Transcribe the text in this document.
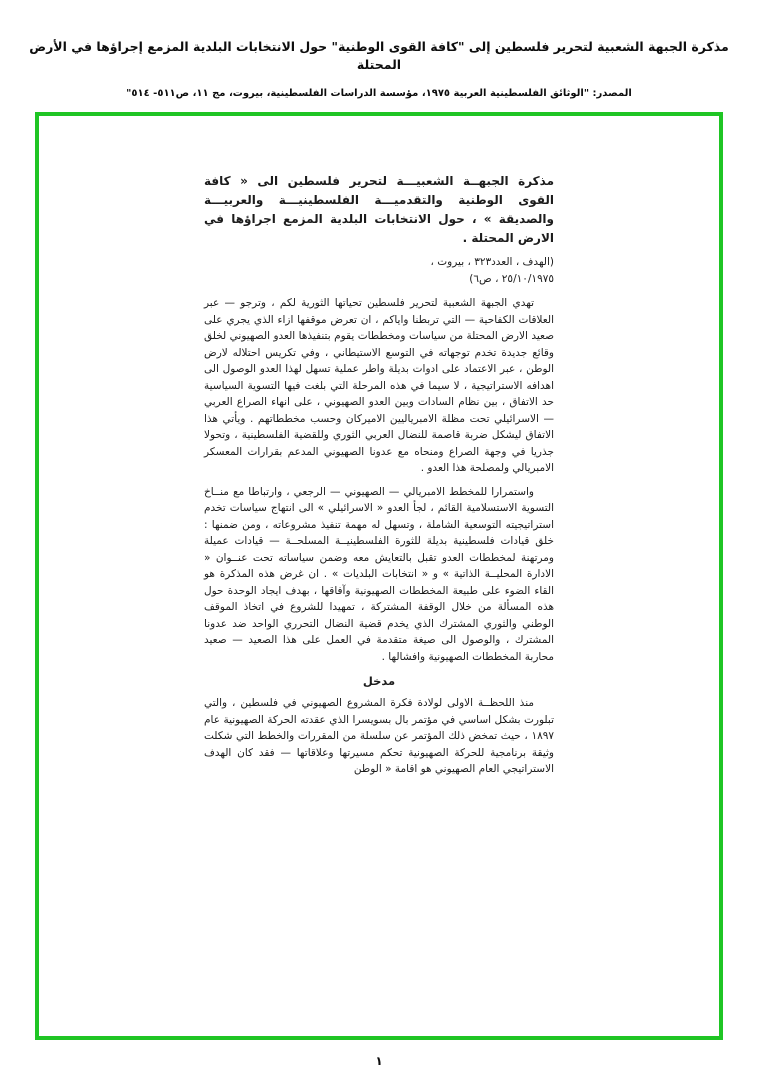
مذكرة الجبهة الشعبية لتحرير فلسطين إلى "كافة القوى الوطنية" حول الانتخابات البلدية المزمع إجراؤها في الأرض المحتلة
المصدر: "الوثائق الفلسطينية العربية ١٩٧٥، مؤسسة الدراسات الفلسطينية، بيروت، مج ١١، ص٥١١- ٥١٤"
مذكرة الجبهــة الشعبيـــة لتحرير فلسطين الى « كافة القوى الوطنية والتقدميـــة الفلسطينيـــة والعربيـــة والصديقة » ، حول الانتخابات البلدية المزمع اجراؤها في الارض المحتلة .
(الهدف ، العدد٣٢٣ ، بيروت ،
٢٥/١٠/١٩٧٥ ، ص٦)

تهدي الجبهة الشعبية لتحرير فلسطين تحياتها الثورية لكم ، وترجو — عبر العلاقات الكفاحية — التي تربطنا واياكم ، ان تعرض موقفها ازاء الذي يجري على صعيد الارض المحتلة من سياسات ومخططات يقوم بتنفيذها العدو الصهيوني لخلق وقائع جديدة تخدم توجهاته في التوسع الاستيطاني ، وفي تكريس احتلاله لارض الوطن ، عبر الاعتماد على ادوات بديلة واطر عملية تسهل لهذا العدو الوصول الى اهدافه الاستراتيجية ، لا سيما في هذه المرحلة التي بلغت فيها التسوية السياسية حد الاتفاق ، بين نظام السادات وبين العدو الصهيوني ، على انهاء الصراع العربي — الاسرائيلي تحت مظلة الامبرياليين الاميركان وحسب مخططاتهم . ويأتي هذا الاتفاق ليشكل ضربة قاصمة للنضال العربي الثوري وللقضية الفلسطينية ، وتحولا جذريا في وجهة الصراع ومنحاه مع عدونا الصهيوني المدعم بقرارات المعسكر الامبريالي ولمصلحة هذا العدو .

واستمرارا للمخطط الامبريالي — الصهيوني — الرجعي ، وارتباطا مع منــاخ التسوية الاستسلامية القائم ، لجأ العدو « الاسرائيلي » الى انتهاج سياسات تخدم استراتيجيته التوسعية الشاملة ، وتسهل له مهمة تنفيذ مشروعاته ، ومن ضمنها : خلق قيادات فلسطينية بديلة للثورة الفلسطينيــة المسلحــة — قيادات عميلة ومرتهنة لمخططات العدو تقبل بالتعايش معه وضمن سياساته تحت عنــوان « الادارة المحليــة الذاتية » و « انتخابات البلديات » . ان غرض هذه المذكرة هو القاء الضوء على طبيعة المخططات الصهيونية وآفاقها ، بهدف ايجاد الوحدة حول هذه المسألة من خلال الوقفة المشتركة ، تمهيدا للشروع في اتخاذ الموقف الوطني والثوري المشترك الذي يخدم قضية النضال التحرري الواحد ضد عدونا المشترك ، والوصول الى صيغة متقدمة في العمل على هذا الصعيد — صعيد محاربة المخططات الصهيونية وافشالها .

مدخل

منذ اللحظــة الاولى لولادة فكرة المشروع الصهيوني في فلسطين ، والتي تبلورت بشكل اساسي في مؤتمر بال بسويسرا الذي عقدته الحركة الصهيونية عام ١٨٩٧ ، حيث تمخض ذلك المؤتمر عن سلسلة من المقررات والخطط التي شكلت وثيقة برنامجية للحركة الصهيونية تحكم مسيرتها وعلاقاتها — فقد كان الهدف الاستراتيجي العام الصهيوني هو اقامة « الوطن

١
